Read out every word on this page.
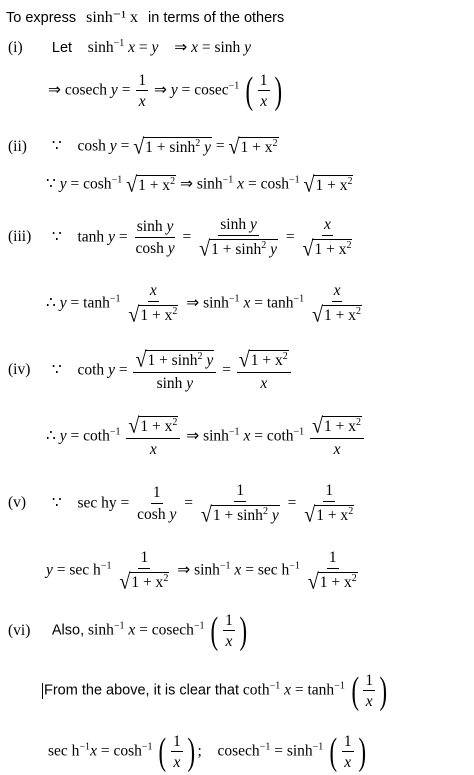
To express sinh⁻¹ x in terms of the others
(i) Let $\sinh^{-1} x = y$ ⇒ x = sinh y
⇒ cosech $y = \frac{1}{x}$ ⇒ y = cosec$^{-1}$ ( $\frac{1}{x}$ )
(ii) ∵ cosh y = √ $1 + \sinh^2 y$ = √ $1 + x^2$
∵ $y = \cosh^{-1}$ √ $1 + x^2$ ⇒ $\sinh^{-1} x = \cosh^{-1}$ √ $1 + x^2$
(iii) ∵ $\tanh y = \frac{\text{sinh y}}{\text{cosh y}} = \frac{\text{sinh y}}{√ 1 + \sinh^2 y} = \frac{x}{√ 1 + x^2}$
∴ $y = \tanh^{-1} \frac{x}{√ 1 + x^2}$ ⇒ $\sinh^{-1} x = \tanh^{-1} \frac{x}{√ 1 + x^2}$
(iv) ∵ coth $y = \frac{√ 1 + \sinh^2 y}{\text{sinh y}} = \frac{√ 1 + x^2}{x}$
∴ $y = \cot h^{-1} \frac{√ 1 + x^2}{x}$ ⇒ $\sinh^{-1} x = \cot h^{-1} \frac{√ 1 + x^2}{x}$
(v) ∵ sec hy = $\frac{1}{\text{cosh y}} = \frac{1}{√ 1 + \sinh^2 y} = \frac{1}{√ 1 + x^2}$
$y = \sec h^{-1} \frac{1}{√ 1 + x^2}$ ⇒ $\sinh^{-1} x = \sec h^{-1} \frac{1}{√ 1 + x^2}$
(vi) Also, $\sinh^{-1} x = cosech^{-1}$ ( $\frac{1}{x}$ )
From the above, it is clear that coth$^{-1}$ $x = \tanh^{-1}$ ( $\frac{1}{x}$ )
$\sec h^{-1}x = \cosh^{-1}$ ( $\frac{1}{x}$ ) ; $cosech^{-1} = \sinh^{-1}$ ( $\frac{1}{x}$ )
